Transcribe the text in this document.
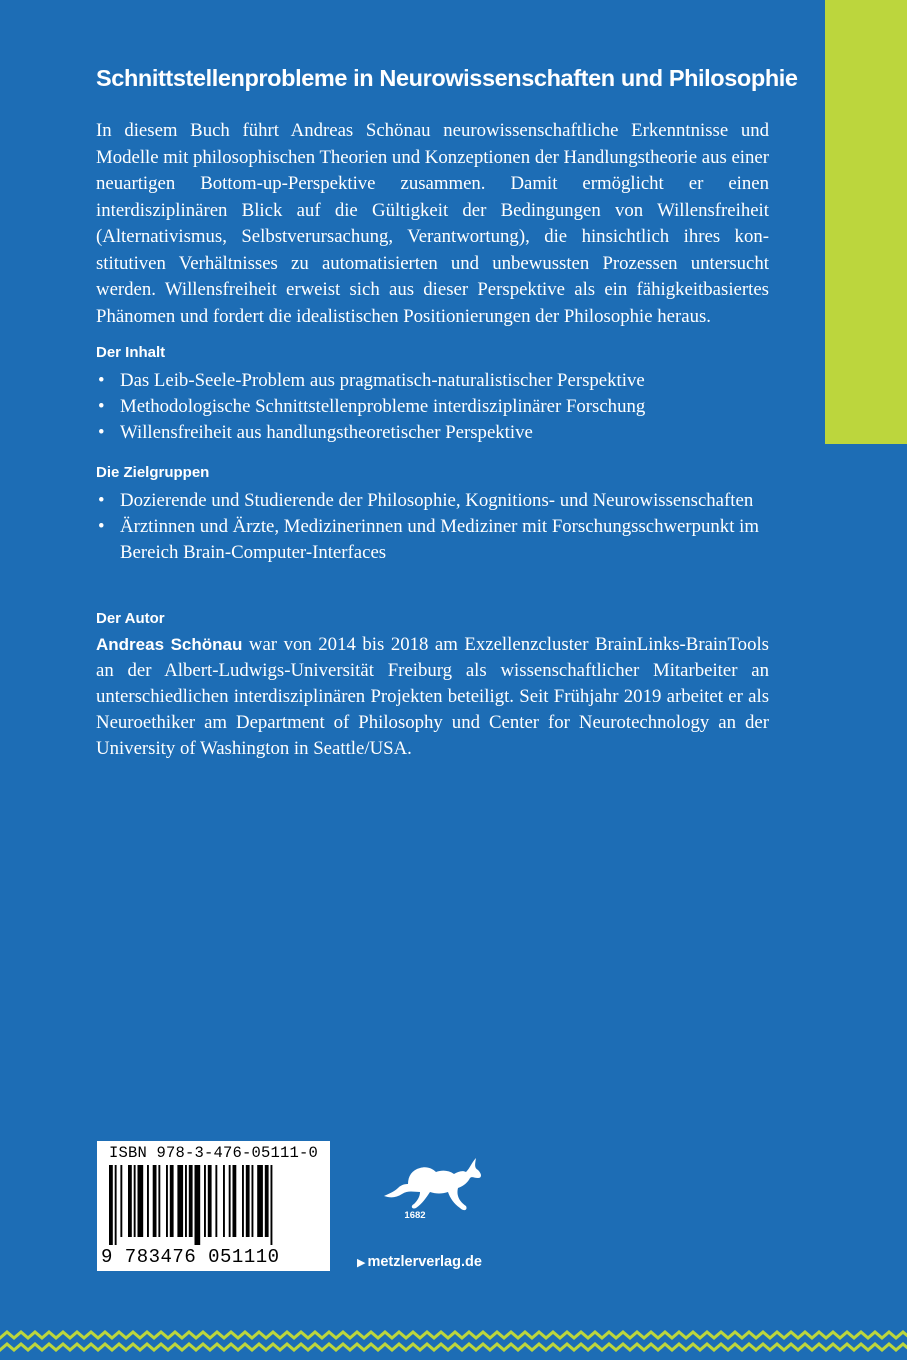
Schnittstellenprobleme in Neurowissenschaften und Philosophie

In diesem Buch führt Andreas Schönau neurowissenschaftliche Erkenntnisse und Modelle mit philosophischen Theorien und Konzeptionen der Handlungstheorie aus einer neuartigen Bottom-up-Perspektive zusammen. Damit ermöglicht er einen interdisziplinären Blick auf die Gültigkeit der Bedingungen von Willensfreiheit (Alternativismus, Selbstverursachung, Verantwortung), die hinsichtlich ihres konstitutiven Verhältnisses zu automatisierten und unbewussten Prozessen untersucht werden. Willensfreiheit erweist sich aus dieser Perspektive als ein fähigkeitbasiertes Phänomen und fordert die idealistischen Positionierungen der Philosophie heraus.

Der Inhalt
• Das Leib-Seele-Problem aus pragmatisch-naturalistischer Perspektive
• Methodologische Schnittstellenprobleme interdisziplinärer Forschung
• Willensfreiheit aus handlungstheoretischer Perspektive
Die Zielgruppen
• Dozierende und Studierende der Philosophie, Kognitions- und Neurowissenschaften
• Ärztinnen und Ärzte, Medizinerinnen und Mediziner mit Forschungsschwerpunkt im Bereich Brain-Computer-Interfaces
Der Autor

Andreas Schönau war von 2014 bis 2018 am Exzellenzcluster BrainLinks-BrainTools an der Albert-Ludwigs-Universität Freiburg als wissenschaftlicher Mitarbeiter an unterschiedlichen interdisziplinären Projekten beteiligt. Seit Frühjahr 2019 arbeitet er als Neuroethiker am Department of Philosophy und Center for Neurotechnology an der University of Washington in Seattle/USA.

ISBN 978-3-476-05111-0
9 783476 051110
1682
▶ metzlerverlag.de
